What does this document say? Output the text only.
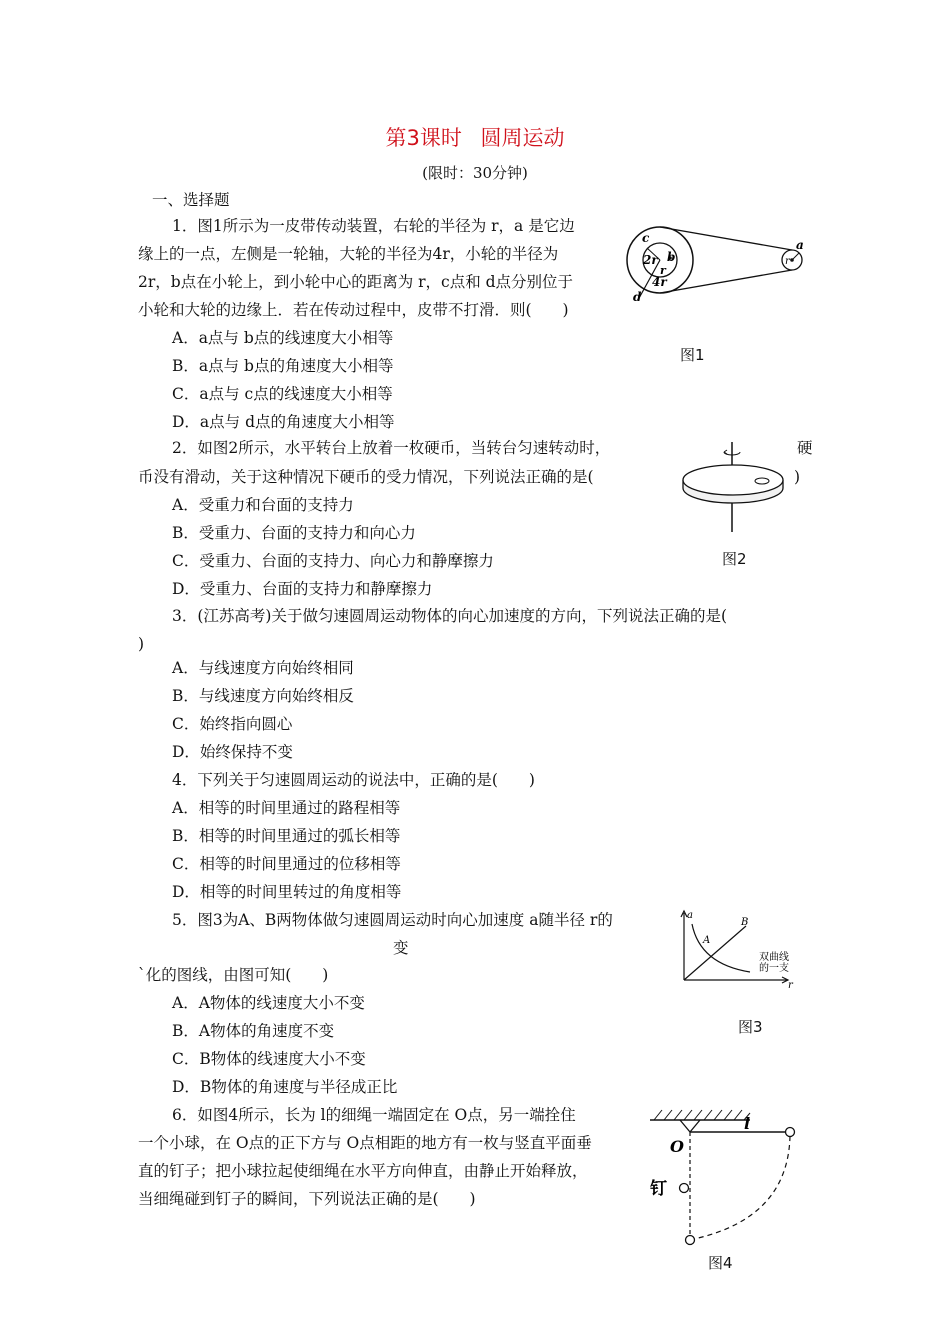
第3课时 圆周运动
(限时：30分钟)
一、选择题
1．图1所示为一皮带传动装置，右轮的半径为 r，a 是它边
缘上的一点，左侧是一轮轴，大轮的半径为4r，小轮的半径为
2r，b点在小轮上，到小轮中心的距离为 r，c点和 d点分别位于
小轮和大轮的边缘上．若在传动过程中，皮带不打滑．则(　　)
A．a点与 b点的线速度大小相等
B．a点与 b点的角速度大小相等
C．a点与 c点的线速度大小相等
D．a点与 d点的角速度大小相等
c
2r b
r
4r
d
a
r
图1
2．如图2所示，水平转台上放着一枚硬币，当转台匀速转动时，	硬
币没有滑动，关于这种情况下硬币的受力情况，下列说法正确的是(	)
A．受重力和台面的支持力
B．受重力、台面的支持力和向心力
C．受重力、台面的支持力、向心力和静摩擦力
D．受重力、台面的支持力和静摩擦力
图2
3．(江苏高考)关于做匀速圆周运动物体的向心加速度的方向，下列说法正确的是(
)
A．与线速度方向始终相同
B．与线速度方向始终相反
C．始终指向圆心
D．始终保持不变
4．下列关于匀速圆周运动的说法中，正确的是(　　)
A．相等的时间里通过的路程相等
B．相等的时间里通过的弧长相等
C．相等的时间里通过的位移相等
D．相等的时间里转过的角度相等
5．图3为A、B两物体做匀速圆周运动时向心加速度 a随半径 r的
变
`化的图线，由图可知(　　)
A．A物体的线速度大小不变
B．A物体的角速度不变
C．B物体的线速度大小不变
D．B物体的角速度与半径成正比
a
A
B
双曲线
的一支
r
图3
6．如图4所示，长为 l的细绳一端固定在 O点，另一端拴住
一个小球，在 O点的正下方与 O点相距的地方有一枚与竖直平面垂
直的钉子；把小球拉起使细绳在水平方向伸直，由静止开始释放，
当细绳碰到钉子的瞬间，下列说法正确的是(　　)
O
l
钉
图4
